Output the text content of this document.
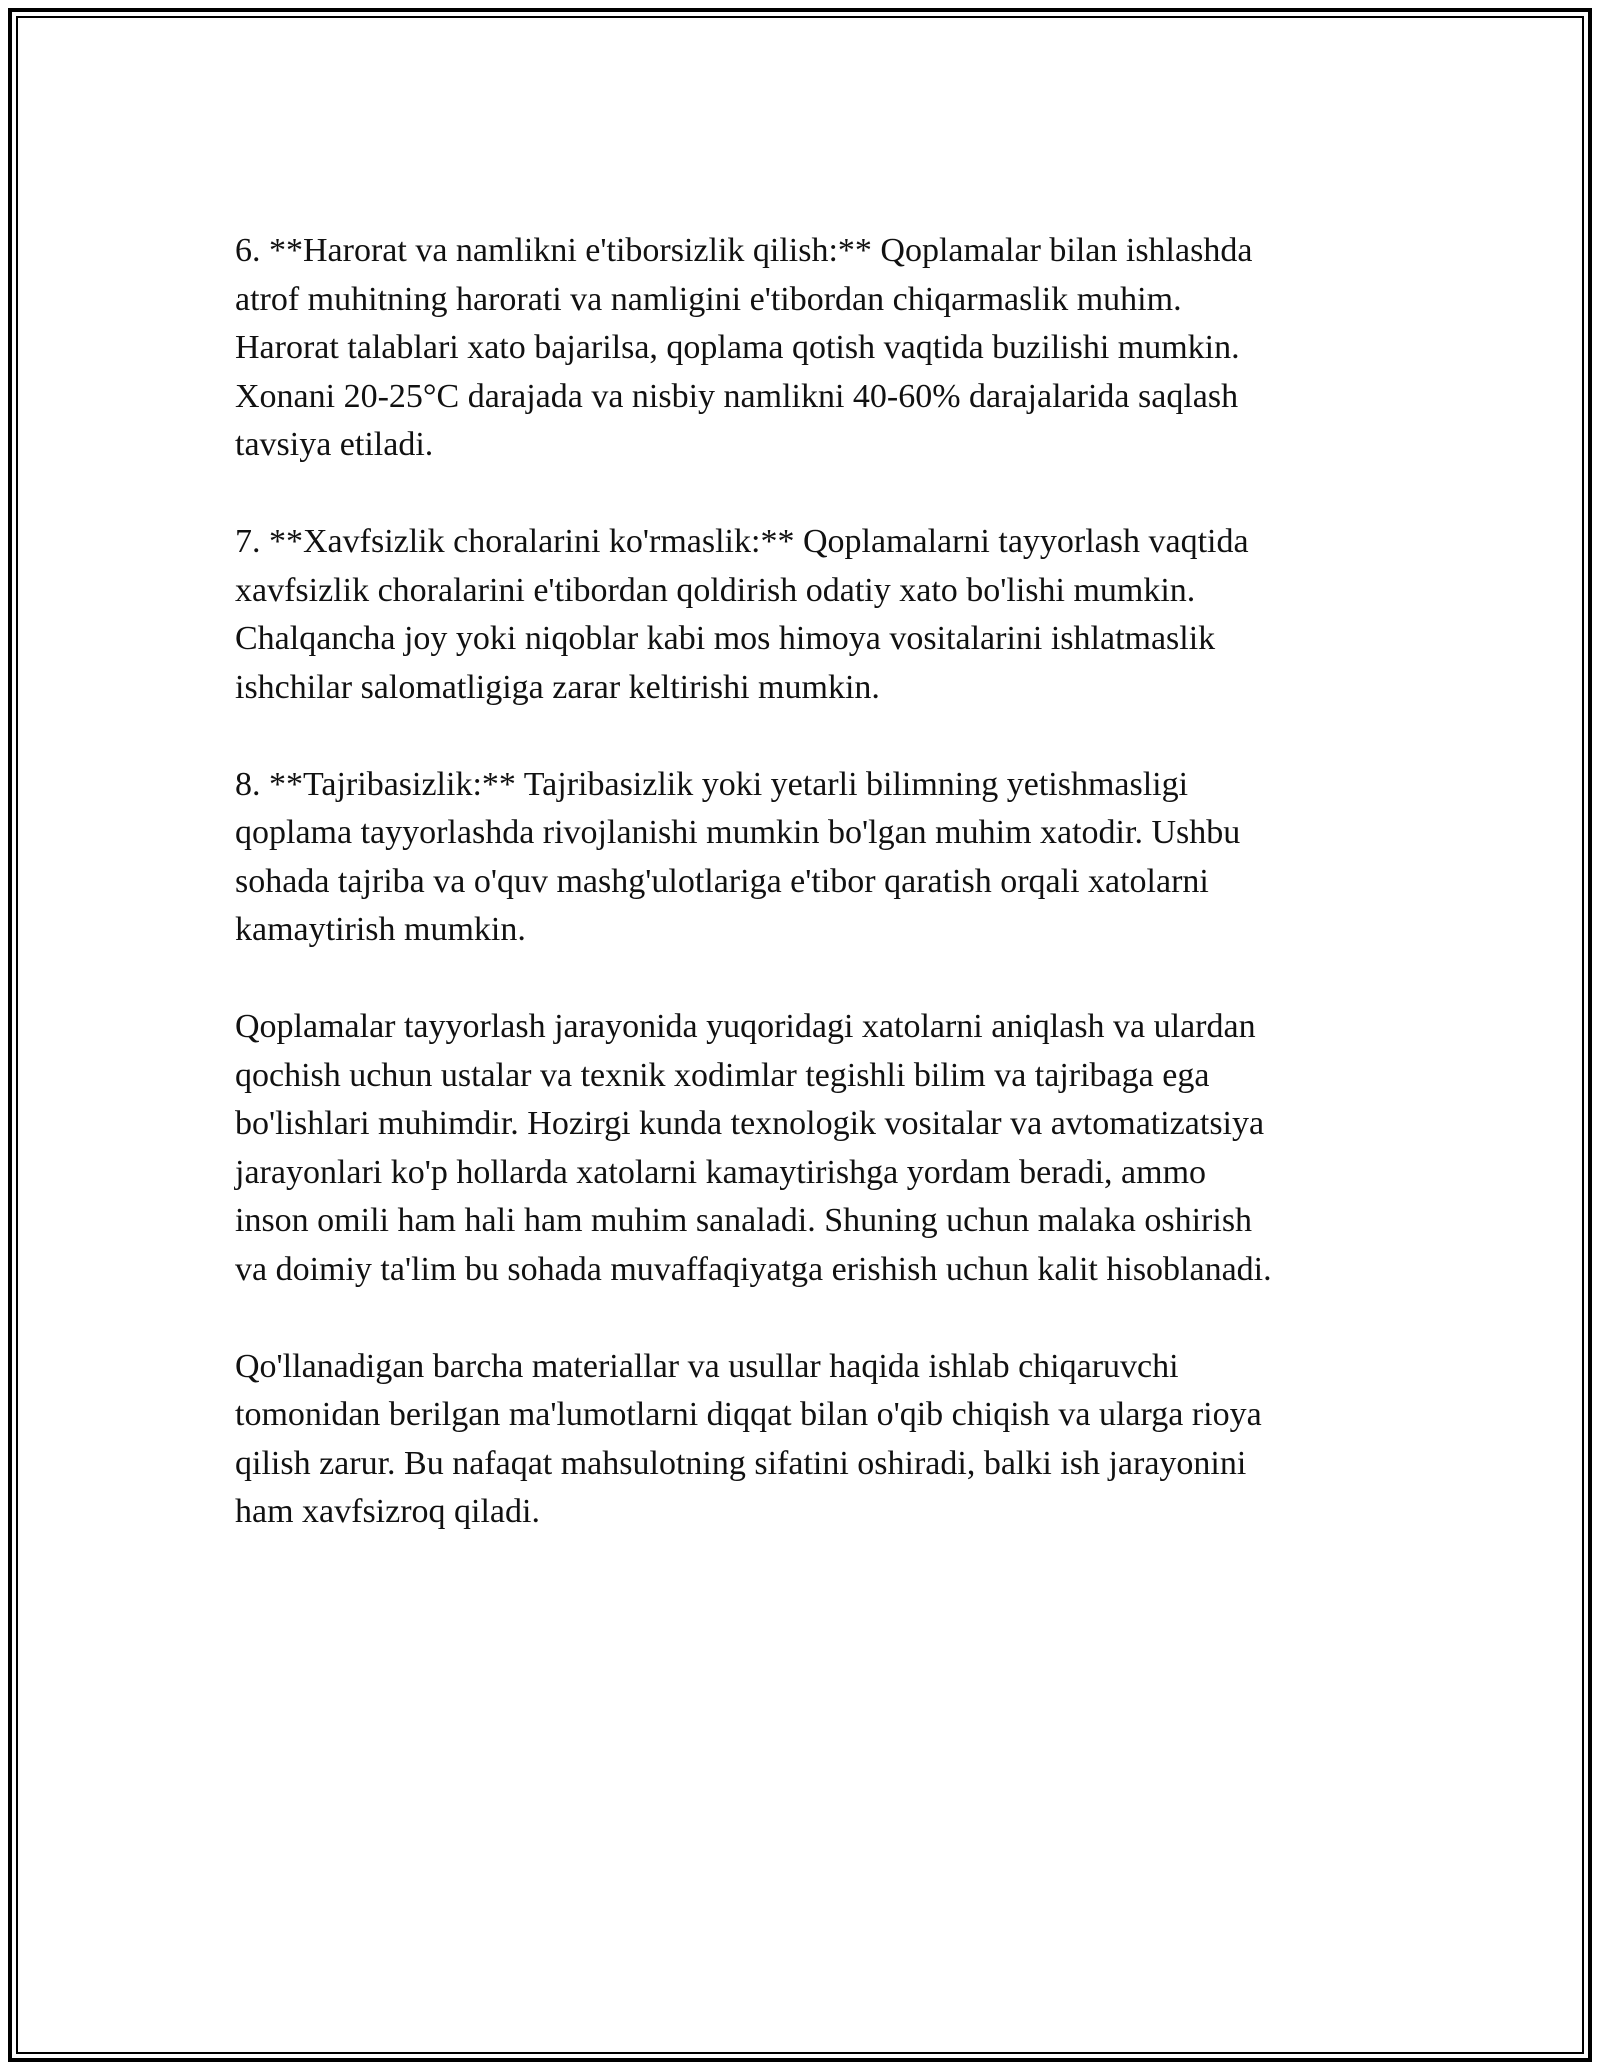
6. **Harorat va namlikni e'tiborsizlik qilish:** Qoplamalar bilan ishlashda
atrof muhitning harorati va namligini e'tibordan chiqarmaslik muhim.
Harorat talablari xato bajarilsa, qoplama qotish vaqtida buzilishi mumkin.
Xonani 20-25°C darajada va nisbiy namlikni 40-60% darajalarida saqlash
tavsiya etiladi.

7. **Xavfsizlik choralarini ko'rmaslik:** Qoplamalarni tayyorlash vaqtida
xavfsizlik choralarini e'tibordan qoldirish odatiy xato bo'lishi mumkin.
Chalqancha joy yoki niqoblar kabi mos himoya vositalarini ishlatmaslik
ishchilar salomatligiga zarar keltirishi mumkin.

8. **Tajribasizlik:** Tajribasizlik yoki yetarli bilimning yetishmasligi
qoplama tayyorlashda rivojlanishi mumkin bo'lgan muhim xatodir. Ushbu
sohada tajriba va o'quv mashg'ulotlariga e'tibor qaratish orqali xatolarni
kamaytirish mumkin.

Qoplamalar tayyorlash jarayonida yuqoridagi xatolarni aniqlash va ulardan
qochish uchun ustalar va texnik xodimlar tegishli bilim va tajribaga ega
bo'lishlari muhimdir. Hozirgi kunda texnologik vositalar va avtomatizatsiya
jarayonlari ko'p hollarda xatolarni kamaytirishga yordam beradi, ammo
inson omili ham hali ham muhim sanaladi. Shuning uchun malaka oshirish
va doimiy ta'lim bu sohada muvaffaqiyatga erishish uchun kalit hisoblanadi.

Qo'llanadigan barcha materiallar va usullar haqida ishlab chiqaruvchi
tomonidan berilgan ma'lumotlarni diqqat bilan o'qib chiqish va ularga rioya
qilish zarur. Bu nafaqat mahsulotning sifatini oshiradi, balki ish jarayonini
ham xavfsizroq qiladi.
